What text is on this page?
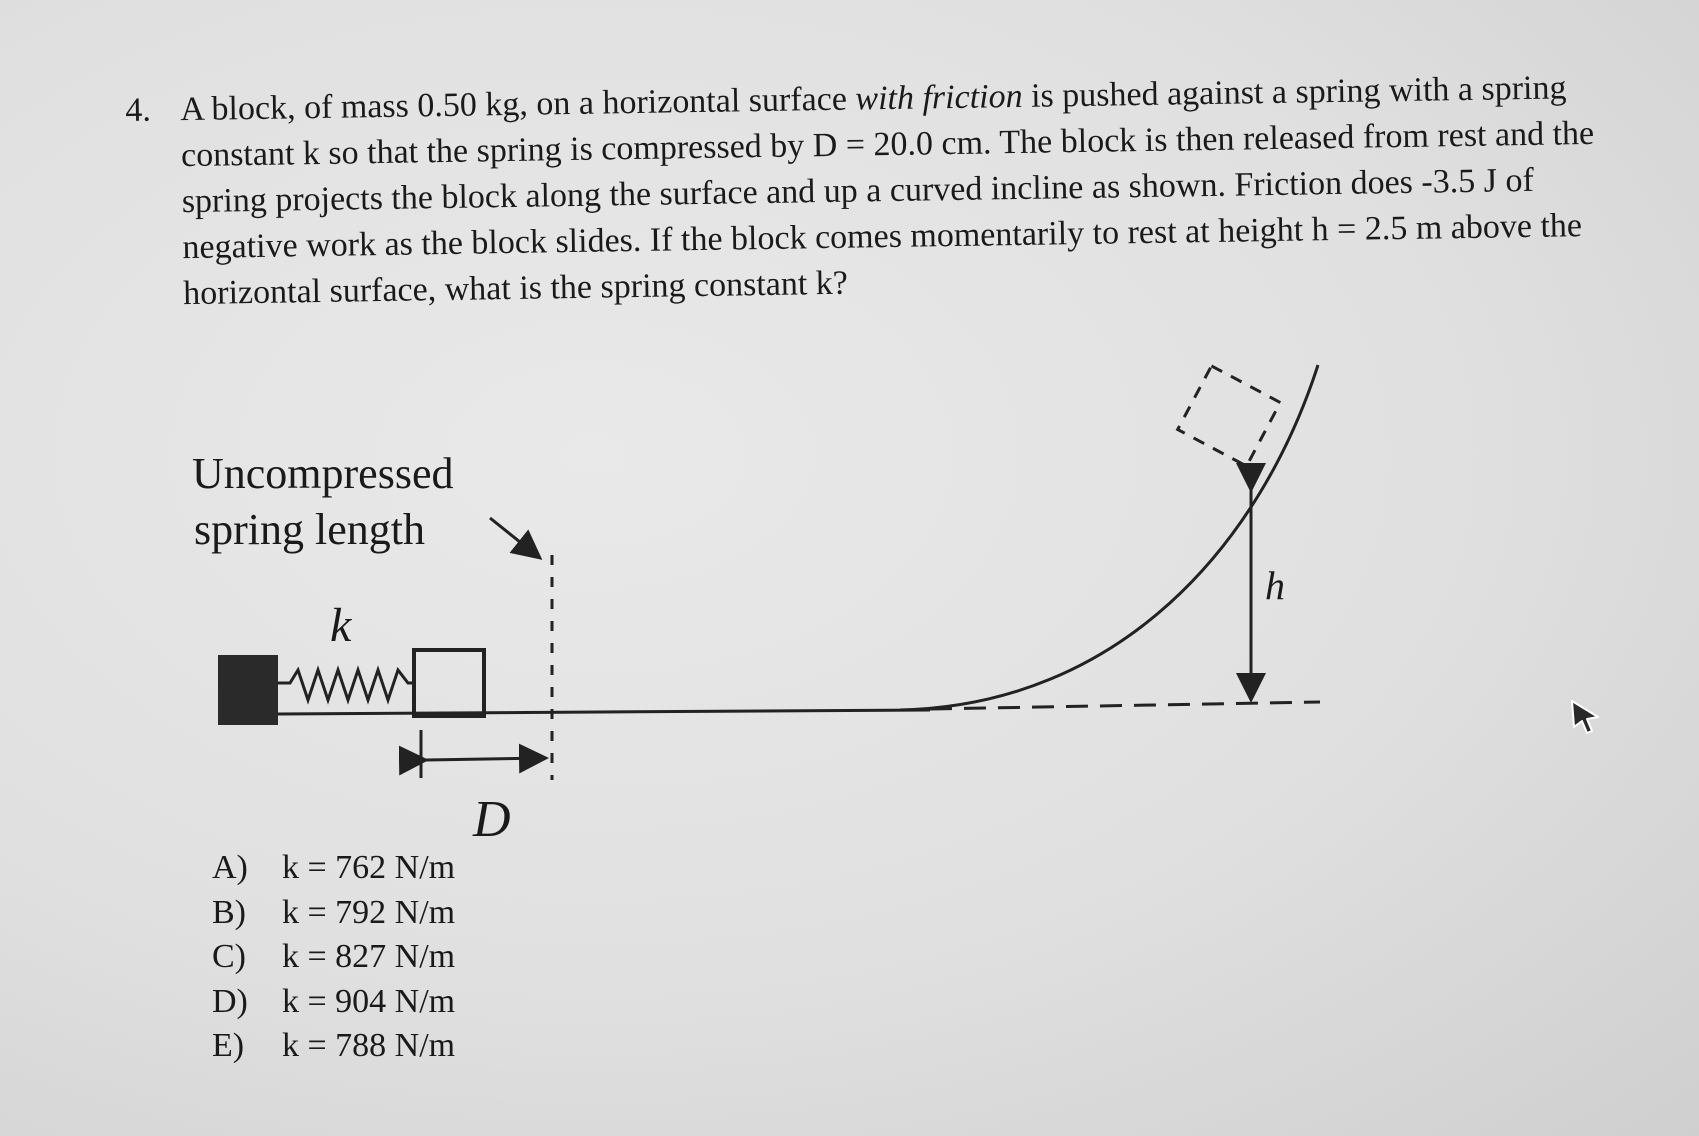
4. A block, of mass 0.50 kg, on a horizontal surface with friction is pushed against a spring with a spring constant k so that the spring is compressed by D = 20.0 cm. The block is then released from rest and the spring projects the block along the surface and up a curved incline as shown. Friction does -3.5 J of negative work as the block slides. If the block comes momentarily to rest at height h = 2.5 m above the horizontal surface, what is the spring constant k?
Uncompressed
spring length
k
D
h
A)	k = 762 N/m
B)	k = 792 N/m
C)	k = 827 N/m
D)	k = 904 N/m
E)	k = 788 N/m
